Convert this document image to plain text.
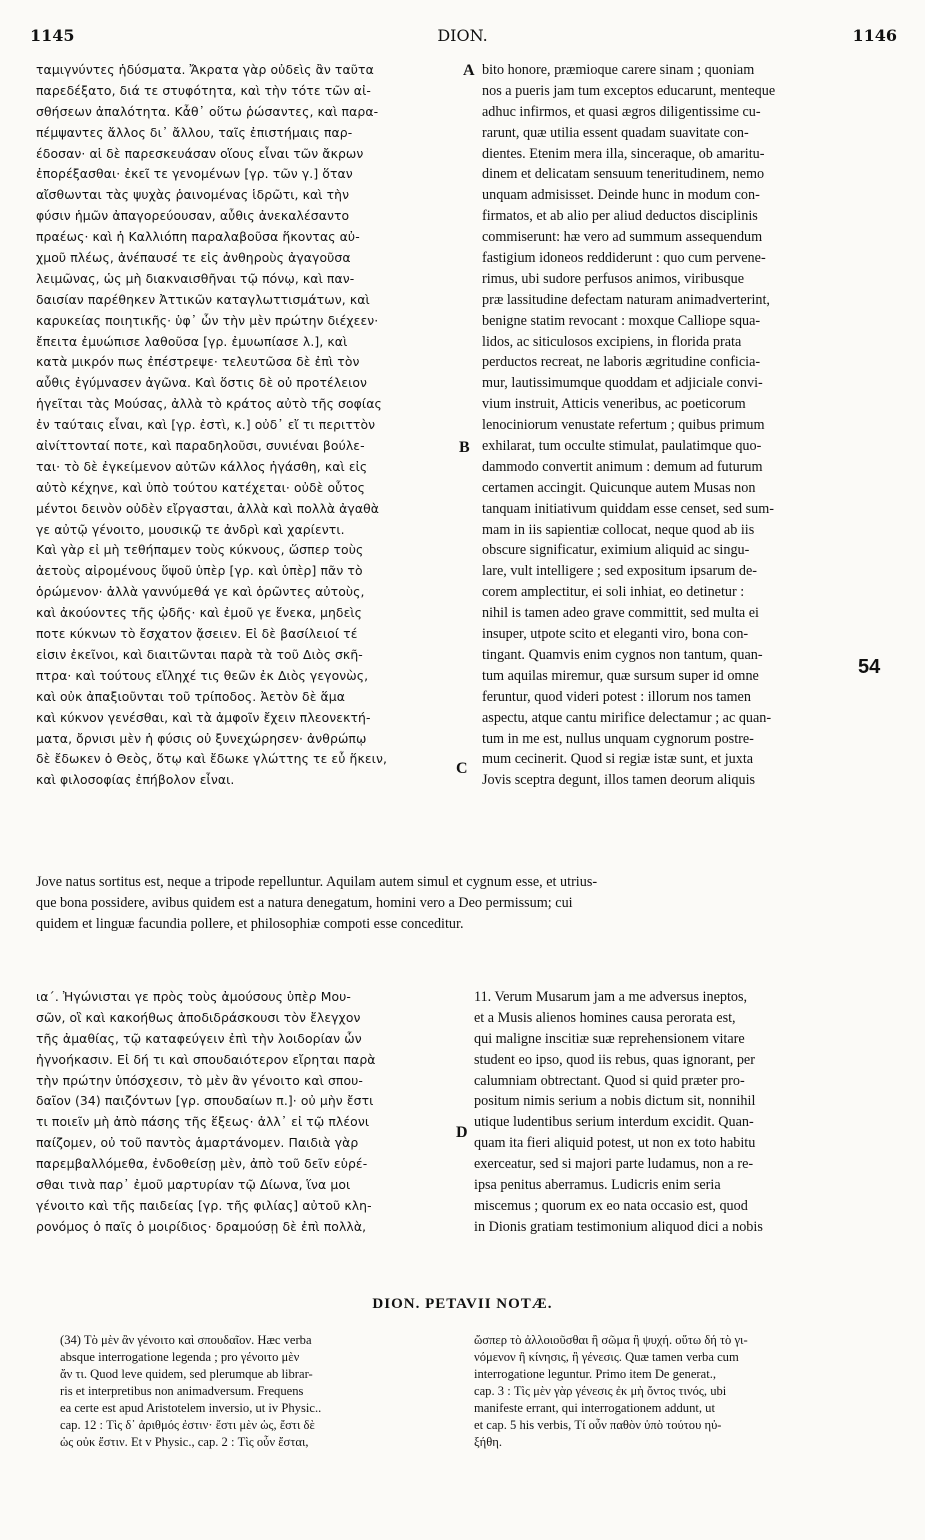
1145	DION.	1146
ταμιγνύντες ἡδύσματα. Ἄκρατα γὰρ οὐδεὶς ἂν ταῦτα
παρεδέξατο, διά τε στυφότητα, καὶ τὴν τότε τῶν αἰ-
σθήσεων ἀπαλότητα. Κἆθ᾽ οὕτω ῥώσαντες, καὶ παρα-
πέμψαντες ἄλλος δι᾽ ἄλλου, ταῖς ἐπιστήμαις παρ-
έδοσαν· αἱ δὲ παρεσκευάσαν οἵους εἶναι τῶν ἄκρων
ἐπορέξασθαι· ἐκεῖ τε γενομένων [γρ. τῶν γ.] ὅταν
αἴσθωνται τὰς ψυχὰς ῥαινομένας ἱδρῶτι, καὶ τὴν
φύσιν ἡμῶν ἀπαγορεύουσαν, αὖθις ἀνεκαλέσαντο
πραέως· καὶ ἡ Καλλιόπη παραλαβοῦσα ἥκοντας αὐ-
χμοῦ πλέως, ἀνέπαυσέ τε εἰς ἀνθηροὺς ἀγαγοῦσα
λειμῶνας, ὡς μὴ διακναισθῆναι τῷ πόνῳ, καὶ παν-
δαισίαν παρέθηκεν Ἀττικῶν καταγλωττισμάτων, καὶ
καρυκείας ποιητικῆς· ὑφ᾽ ὧν τὴν μὲν πρώτην διέχεεν·
ἔπειτα ἐμυώπισε λαθοῦσα [γρ. ἐμυωπίασε λ.], καὶ
κατὰ μικρόν πως ἐπέστρεψε· τελευτῶσα δὲ ἐπὶ τὸν
αὖθις ἐγύμνασεν ἀγῶνα. Καὶ ὅστις δὲ οὐ προτέλειον
ἡγεῖται τὰς Μούσας, ἀλλὰ τὸ κράτος αὐτὸ τῆς σοφίας
ἐν ταύταις εἶναι, καὶ [γρ. ἐστὶ, κ.] οὐδ᾽ εἴ τι περιττὸν
αἰνίττονταί ποτε, καὶ παραδηλοῦσι, συνιέναι βούλε-
ται· τὸ δὲ ἐγκείμενον αὐτῶν κάλλος ἠγάσθη, καὶ εἰς
αὐτὸ κέχηνε, καὶ ὑπὸ τούτου κατέχεται· οὐδὲ οὗτος
μέντοι δεινὸν οὐδὲν εἴργασται, ἀλλὰ καὶ πολλὰ ἀγαθὰ
γε αὐτῷ γένοιτο, μουσικῷ τε ἀνδρὶ καὶ χαρίεντι.
Καὶ γὰρ εἰ μὴ τεθήπαμεν τοὺς κύκνους, ὥσπερ τοὺς
ἀετοὺς αἰρομένους ὕψοῦ ὑπὲρ [γρ. καὶ ὑπὲρ] πᾶν τὸ
ὁρώμενον· ἀλλὰ γαννύμεθά γε καὶ ὁρῶντες αὐτοὺς,
καὶ ἀκούοντες τῆς ᾠδῆς· καὶ ἐμοῦ γε ἕνεκα, μηδεὶς
ποτε κύκνων τὸ ἔσχατον ᾄσειεν. Εἰ δὲ βασίλειοί τέ
εἰσιν ἐκεῖνοι, καὶ διαιτῶνται παρὰ τὰ τοῦ Διὸς σκῆ-
πτρα· καὶ τούτους εἴληχέ τις θεῶν ἐκ Διὸς γεγονὼς,
καὶ οὐκ ἀπαξιοῦνται τοῦ τρίποδος. Ἀετὸν δὲ ἅμα
καὶ κύκνον γενέσθαι, καὶ τὰ ἀμφοῖν ἔχειν πλεονεκτή-
ματα, ὄρνισι μὲν ἡ φύσις οὐ ξυνεχώρησεν· ἀνθρώπῳ
δὲ ἔδωκεν ὁ Θεὸς, ὅτῳ καὶ ἔδωκε γλώττης τε εὖ ἥκειν,
καὶ φιλοσοφίας ἐπήβολον εἶναι.
bito honore, præmioque carere sinam ; quoniam
nos a pueris jam tum exceptos educarunt, menteque
adhuc infirmos, et quasi ægros diligentissime cu-
rarunt, quæ utilia essent quadam suavitate con-
dientes. Etenim mera illa, sinceraque, ob amaritu-
dinem et delicatam sensuum teneritudinem, nemo
unquam admisisset. Deinde hunc in modum con-
firmatos, et ab alio per aliud deductos disciplinis
commiserunt: hæ vero ad summum assequendum
fastigium idoneos reddiderunt : quo cum pervene-
rimus, ubi sudore perfusos animos, viribusque
præ lassitudine defectam naturam animadverterint,
benigne statim revocant : moxque Calliope squa-
lidos, ac siticulosos excipiens, in florida prata
perductos recreat, ne laboris ægritudine conficia-
mur, lautissimumque quoddam et adjiciale convi-
vium instruit, Atticis veneribus, ac poeticorum
lenociniorum venustate refertum ; quibus primum
exhilarat, tum occulte stimulat, paulatimque quo-
dammodo convertit animum : demum ad futurum
certamen accingit. Quicunque autem Musas non
tanquam initiativum quiddam esse censet, sed sum-
mam in iis sapientiæ collocat, neque quod ab iis
obscure significatur, eximium aliquid ac singu-
lare, vult intelligere ; sed expositum ipsarum de-
corem amplectitur, ei soli inhiat, eo detinetur :
nihil is tamen adeo grave committit, sed multa ei
insuper, utpote scito et eleganti viro, bona con-
tingant. Quamvis enim cygnos non tantum, quan-
tum aquilas miremur, quæ sursum super id omne
feruntur, quod videri potest : illorum nos tamen
aspectu, atque cantu mirifice delectamur ; ac quan-
tum in me est, nullus unquam cygnorum postre-
mum cecinerit. Quod si regiæ istæ sunt, et juxta
Jovis sceptra degunt, illos tamen deorum aliquis
A
B
C
D
54
Jove natus sortitus est, neque a tripode repelluntur. Aquilam autem simul et cygnum esse, et utrius-
que bona possidere, avibus quidem est a natura denegatum, homini vero a Deo permissum; cui
quidem et linguæ facundia pollere, et philosophiæ compoti esse conceditur.
ια΄. Ἠγώνισται γε πρὸς τοὺς ἀμούσους ὑπὲρ Μου-
σῶν, οἳ καὶ κακοήθως ἀποδιδράσκουσι τὸν ἔλεγχον
τῆς ἀμαθίας, τῷ καταφεύγειν ἐπὶ τὴν λοιδορίαν ὧν
ἠγνοήκασιν. Εἰ δή τι καὶ σπουδαιότερον εἴρηται παρὰ
τὴν πρώτην ὑπόσχεσιν, τὸ μὲν ἂν γένοιτο καὶ σπου-
δαῖον (34) παιζόντων [γρ. σπουδαίων π.]· οὐ μὴν ἔστι
τι ποιεῖν μὴ ἀπὸ πάσης τῆς ἕξεως· ἀλλ᾽ εἰ τῷ πλέονι
παίζομεν, οὐ τοῦ παντὸς ἁμαρτάνομεν. Παιδιὰ γὰρ
παρεμβαλλόμεθα, ἐνδοθείσῃ μὲν, ἀπὸ τοῦ δεῖν εὑρέ-
σθαι τινὰ παρ᾽ ἐμοῦ μαρτυρίαν τῷ Δίωνα, ἵνα μοι
γένοιτο καὶ τῆς παιδείας [γρ. τῆς φιλίας] αὐτοῦ κλη-
ρονόμος ὁ παῖς ὁ μοιρίδιος· δραμούσῃ δὲ ἐπὶ πολλὰ,
11. Verum Musarum jam a me adversus ineptos,
et a Musis alienos homines causa perorata est,
qui maligne inscitiæ suæ reprehensionem vitare
student eo ipso, quod iis rebus, quas ignorant, per
calumniam obtrectant. Quod si quid præter pro-
positum nimis serium a nobis dictum sit, nonnihil
utique ludentibus serium interdum excidit. Quan-
quam ita fieri aliquid potest, ut non ex toto habitu
exerceatur, sed si majori parte ludamus, non a re-
ipsa penitus aberramus. Ludicris enim seria
miscemus ; quorum ex eo nata occasio est, quod
in Dionis gratiam testimonium aliquod dici a nobis
DION. PETAVII NOTÆ.
(34) Τὸ μὲν ἂν γένοιτο καὶ σπουδαῖον. Hæc verba
absque interrogatione legenda ; pro γένοιτο μὲν
ἄν τι. Quod leve quidem, sed plerumque ab librar-
ris et interpretibus non animadversum. Frequens
ea certe est apud Aristotelem inversio, ut iv Physic..
cap. 12 : Τὶς δ᾽ ἀριθμός ἐστιν· ἔστι μὲν ὡς, ἔστι δὲ
ὡς οὐκ ἔστιν. Et v Physic., cap. 2 : Τὶς οὖν ἔσται,
ὥσπερ τὸ ἀλλοιοῦσθαι ἢ σῶμα ἢ ψυχή. οὕτω δή τὸ γι-
νόμενον ἢ κίνησις, ἢ γένεσις. Quæ tamen verba cum
interrogatione leguntur. Primo item De generat.,
cap. 3 : Τὶς μὲν γὰρ γένεσις ἐκ μὴ ὄντος τινός, ubi
manifeste errant, qui interrogationem addunt, ut
et cap. 5 his verbis, Τί οὖν παθὸν ὑπὸ τούτου ηὐ-
ξήθη.
